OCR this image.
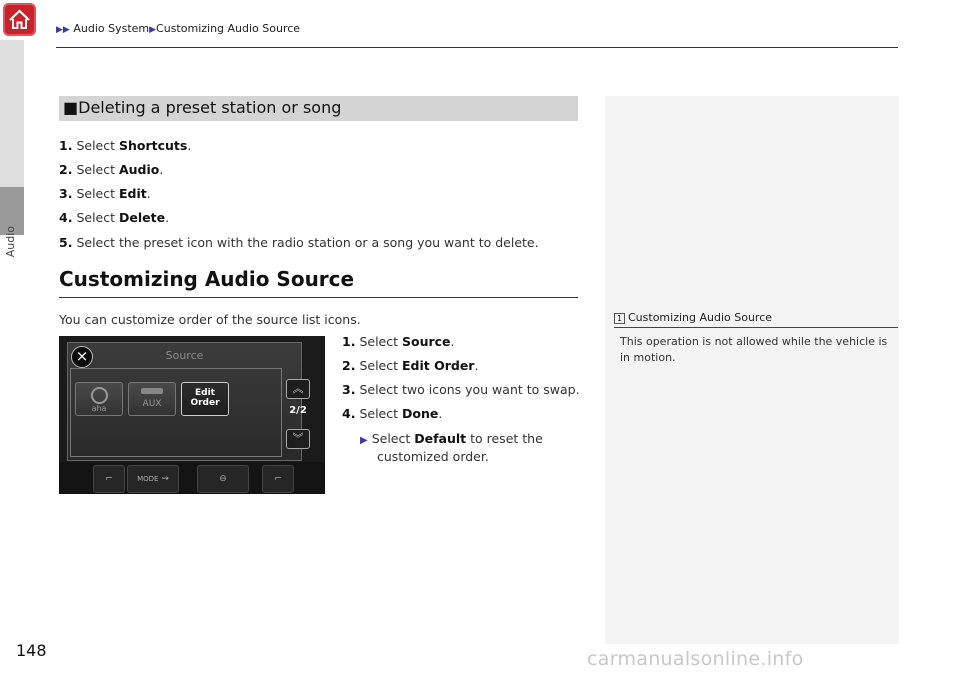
Audio
▶▶ Audio System▶Customizing Audio Source
■Deleting a preset station or song
1. Select Shortcuts.
2. Select Audio.
3. Select Edit.
4. Select Delete.
5. Select the preset icon with the radio station or a song you want to delete.
Customizing Audio Source
You can customize order of the source list icons.
Source
aha	AUX
Edit
Order
×
︽
2/2
︾
⌐	MODE ⇝	⊖	⌐
1. Select Source.
2. Select Edit Order.
3. Select two icons you want to swap.
4. Select Done.
▶ Select Default to reset the
customized order.
1 Customizing Audio Source
This operation is not allowed while the vehicle is in motion.
148	carmanualsonline.info
